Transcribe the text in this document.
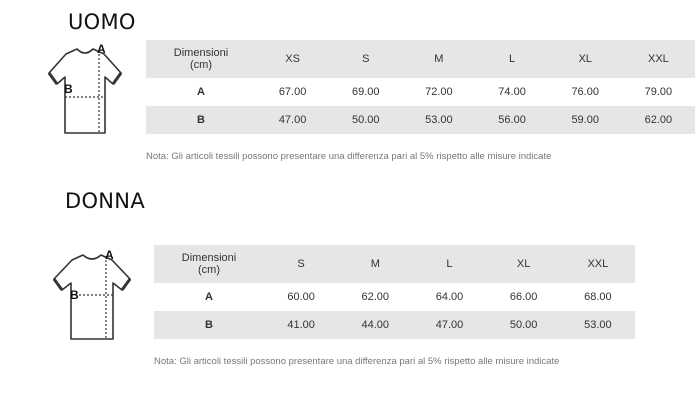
UOMO
A
B
Dimensioni
(cm)	XS	S	M	L	XL	XXL
A	67.00	69.00	72.00	74.00	76.00	79.00
B	47.00	50.00	53.00	56.00	59.00	62.00
Nota: Gli articoli tessili possono presentare una differenza pari al 5% rispetto alle misure indicate
DONNA
A
B
Dimensioni
(cm)	S	M	L	XL	XXL
A	60.00	62.00	64.00	66.00	68.00
B	41.00	44.00	47.00	50.00	53.00
Nota: Gli articoli tessili possono presentare una differenza pari al 5% rispetto alle misure indicate
